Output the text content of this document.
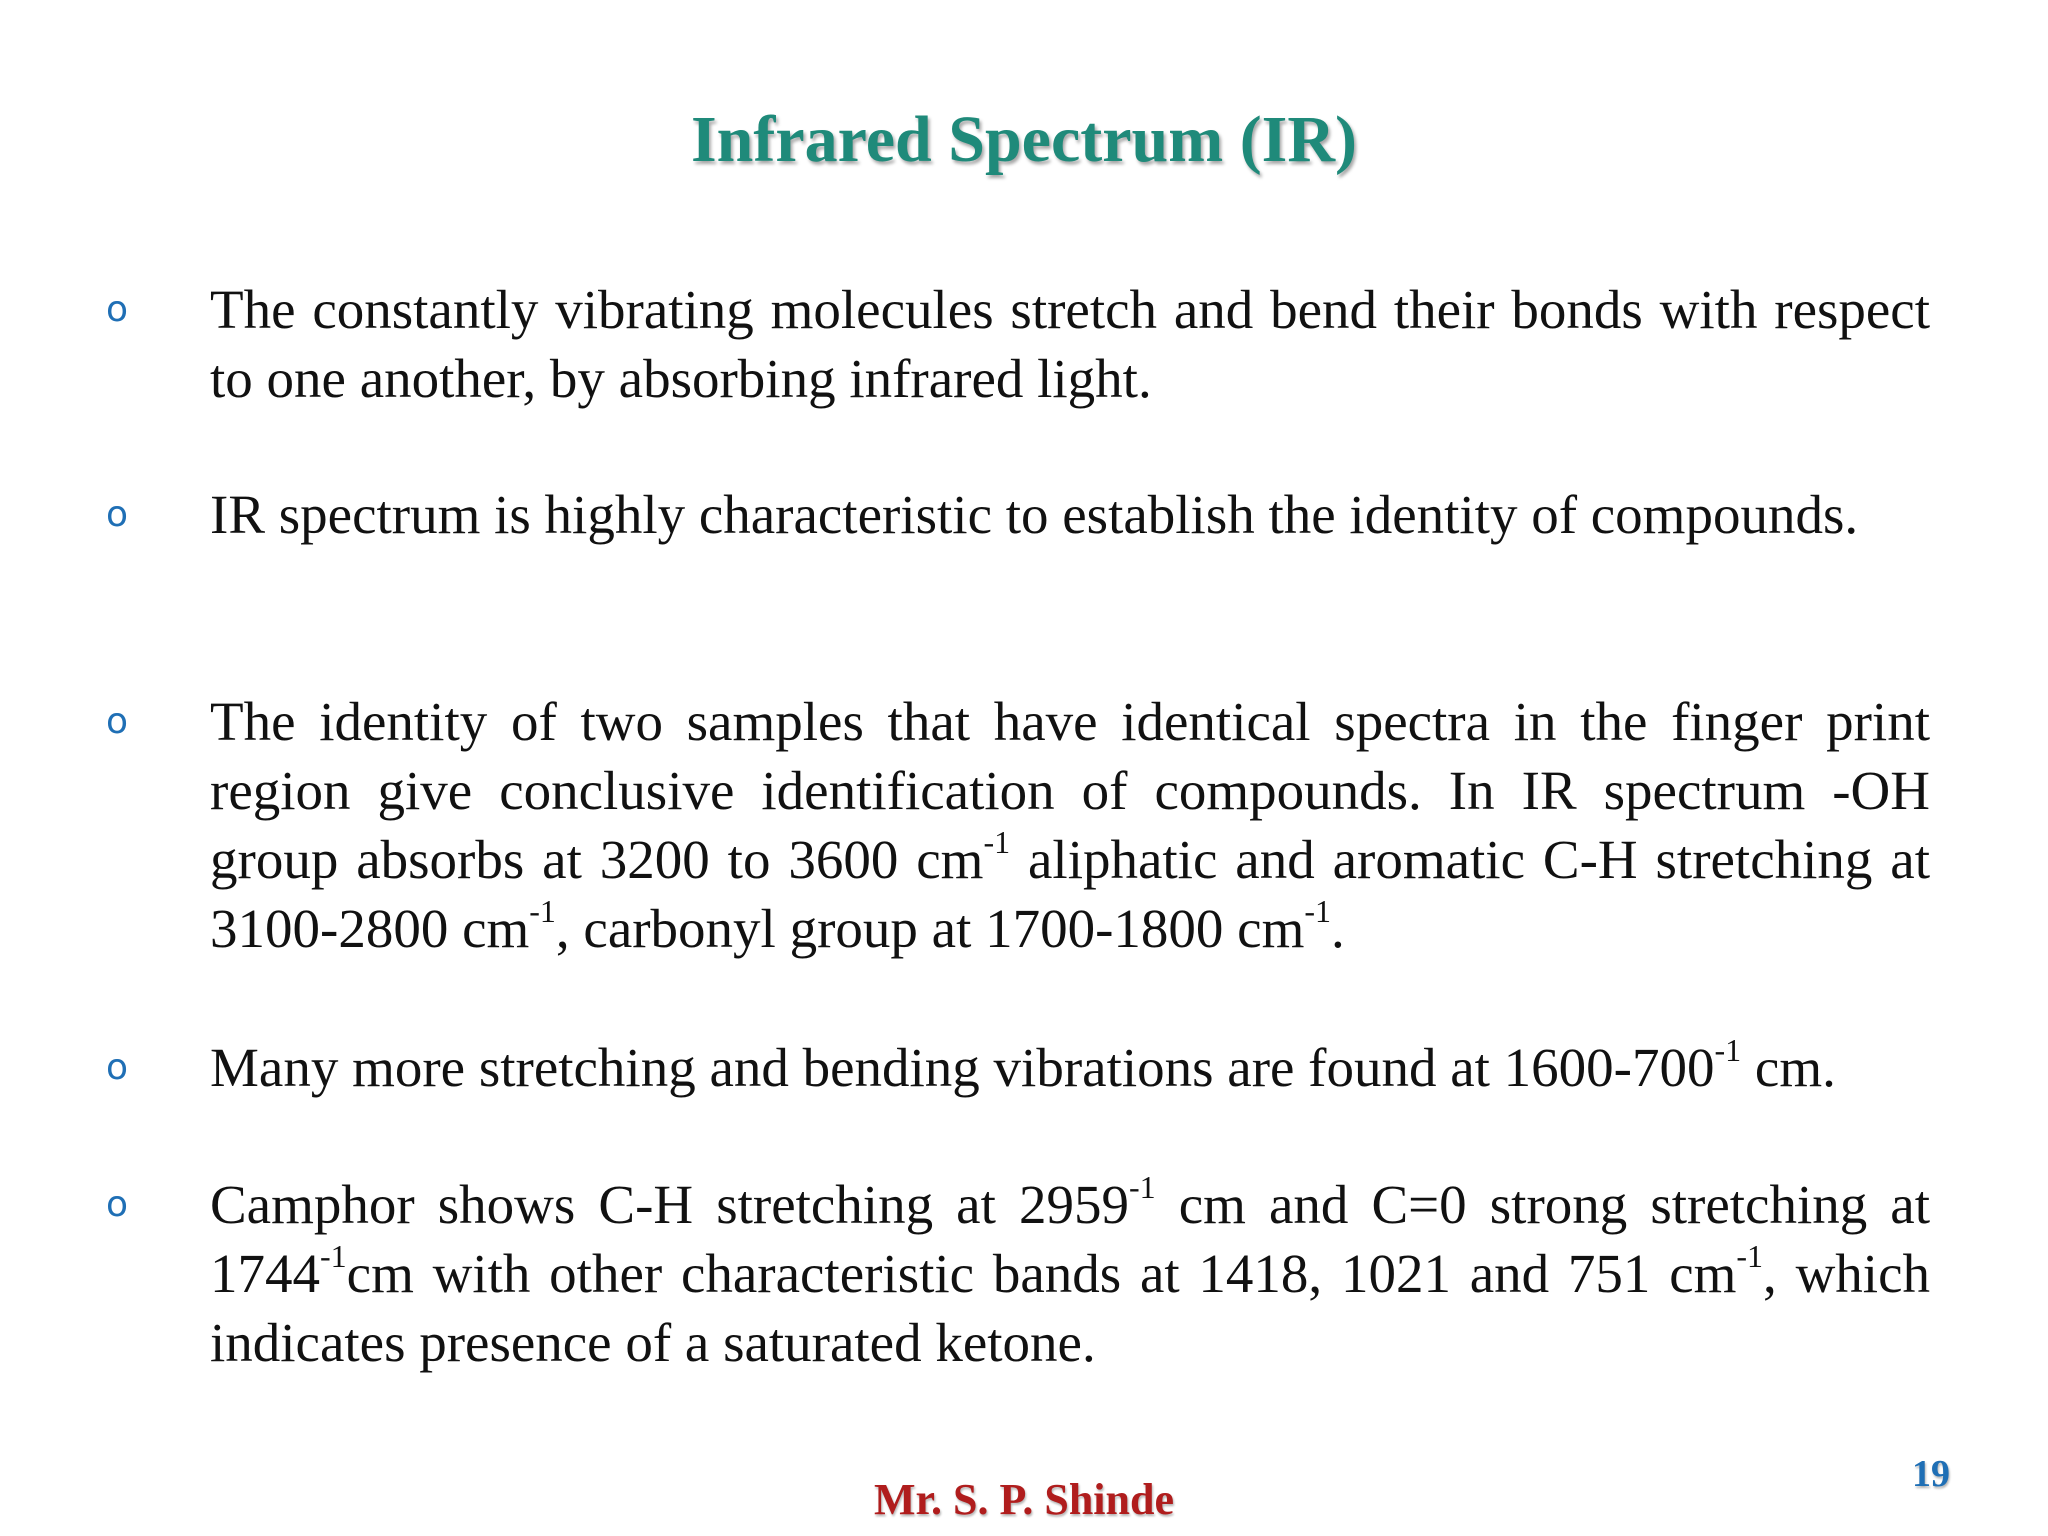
Infrared Spectrum (IR)
o The constantly vibrating molecules stretch and bend their bonds with respect to one another, by absorbing infrared light.
o IR spectrum is highly characteristic to establish the identity of compounds.
o The identity of two samples that have identical spectra in the finger print region give conclusive identification of compounds. In IR spectrum -OH group absorbs at 3200 to 3600 $cm^{-1}$ aliphatic and aromatic C-H stretching at 3100-2800 $cm^{-1}$, carbonyl group at 1700-1800 $cm^{-1}$.
o Many more stretching and bending vibrations are found at $1600-700^{-1}$ cm.
o Camphor shows C-H stretching at $2959^{-1}$ cm and C=0 strong stretching at $1744^{-1}cm$ with other characteristic bands at 1418, 1021 and 751 $cm^{-1}$, which indicates presence of a saturated ketone.
19
Mr. S. P. Shinde
